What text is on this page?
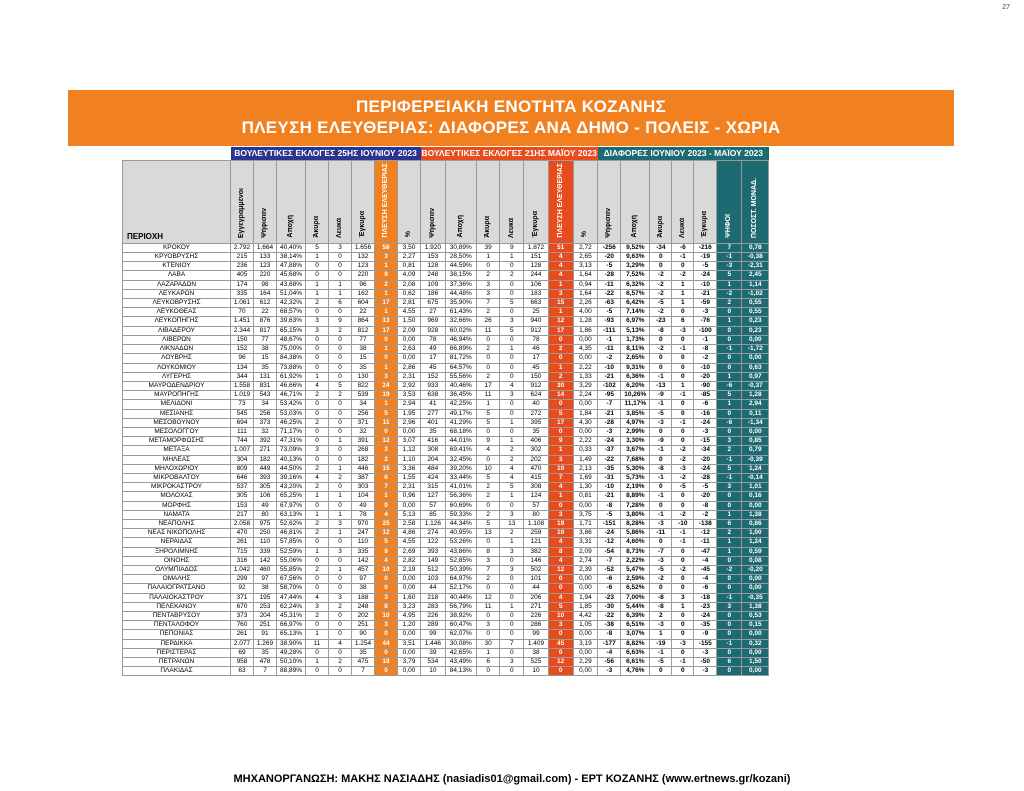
27
ΠΕΡΙΦΕΡΕΙΑΚΗ ΕΝΟΤΗΤΑ ΚΟΖΑΝΗΣ
ΠΛΕΥΣΗ ΕΛΕΥΘΕΡΙΑΣ: ΔΙΑΦΟΡΕΣ ΑΝΑ ΔΗΜΟ - ΠΟΛΕΙΣ - ΧΩΡΙΑ
	ΒΟΥΛΕΥΤΙΚΕΣ ΕΚΛΟΓΕΣ 25ΗΣ ΙΟΥΝΙΟΥ 2023								ΒΟΥΛΕΥΤΙΚΕΣ ΕΚΛΟΓΕΣ 21ΗΣ ΜΑΪΟΥ 2023							ΔΙΑΦΟΡΕΣ ΙΟΥΝΙΟΥ 2023 - ΜΑΪΟΥ 2023						
ΠΕΡΙΟΧΗ	Εγγεγραμμένοι	Ψήφισαν	Αποχή	Άκυρα	Λευκά	Έγκυρα	ΠΛΕΥΣΗ ΕΛΕΥΘΕΡΙΑΣ	%	Ψήφισαν	Αποχή	Άκυρα	Λευκά	Έγκυρα	ΠΛΕΥΣΗ ΕΛΕΥΘΕΡΙΑΣ	%	Ψήφισαν	Αποχή	Άκυρα	Λευκά	Έγκυρα	ΨΗΦΟΙ	ΠΟΣΟΣΤ. ΜΟΝΑΔ.
ΚΡΟΚΟΥ	2.792	1.664	40,40%	5	3	1.656	58	3,50	1.920	30,89%	39	9	1.872	51	2,72	-256	9,52%	-34	-6	-216	7	0,78
ΚΡΥΟΒΡΥΣΗΣ	215	133	38,14%	1	0	132	3	2,27	153	28,50%	1	1	151	4	2,65	-20	9,63%	0	-1	-19	-1	-0,38
ΚΤΕΝΙΟΥ	236	123	47,88%	0	0	123	1	0,81	128	44,59%	0	0	128	4	3,13	-5	3,29%	0	0	-5	-3	-2,31
ΛΑΒΑ	405	220	45,68%	0	0	220	9	4,09	248	38,15%	2	2	244	4	1,64	-28	7,52%	-2	-2	-24	5	2,45
ΛΑΖΑΡΑΔΩΝ	174	98	43,68%	1	1	96	2	2,08	109	37,36%	3	0	106	1	0,94	-11	6,32%	-2	1	-10	1	1,14
ΛΕΥΚΑΡΩΝ	335	164	51,04%	1	1	162	1	0,62	186	44,48%	3	0	183	3	1,64	-22	6,57%	-2	1	-21	-2	-1,02
ΛΕΥΚΟΒΡΥΣΗΣ	1.061	612	42,32%	2	6	604	17	2,81	675	35,90%	7	5	663	15	2,26	-63	6,42%	-5	1	-59	2	0,55
ΛΕΥΚΟΘΕΑΣ	70	22	68,57%	0	0	22	1	4,55	27	61,43%	2	0	25	1	4,00	-5	7,14%	-2	0	-3	0	0,55
ΛΕΥΚΟΠΗΓΗΣ	1.451	876	39,63%	3	9	864	13	1,50	969	32,66%	26	3	940	12	1,28	-93	6,97%	-23	6	-76	1	0,23
ΛΙΒΑΔΕΡΟΥ	2.344	817	65,15%	3	2	812	17	2,09	928	60,02%	11	5	912	17	1,86	-111	5,13%	-8	-3	-100	0	0,23
ΛΙΒΕΡΩΝ	150	77	48,67%	0	0	77	0	0,00	78	46,94%	0	0	78	0	0,00	-1	1,73%	0	0	-1	0	0,00
ΛΙΚΝΑΔΩΝ	152	38	75,00%	0	0	38	1	2,63	49	66,89%	2	1	46	2	4,35	-11	8,11%	-2	-1	-8	-1	-1,72
ΛΟΥΒΡΗΣ	96	15	84,38%	0	0	15	0	0,00	17	81,72%	0	0	17	0	0,00	-2	2,65%	0	0	-2	0	0,00
ΛΟΥΚΟΜΙΟΥ	134	35	73,88%	0	0	35	1	2,86	45	64,57%	0	0	45	1	2,22	-10	9,31%	0	0	-10	0	0,63
ΛΥΓΕΡΗΣ	344	131	61,92%	1	0	130	3	2,31	152	55,56%	2	0	150	2	1,33	-21	6,36%	-1	0	-20	1	0,97
ΜΑΥΡΟΔΕΝΔΡΙΟΥ	1.558	831	46,66%	4	5	822	24	2,92	933	40,46%	17	4	912	30	3,29	-102	6,20%	-13	1	-90	-6	-0,37
ΜΑΥΡΟΠΗΓΗΣ	1.019	543	46,71%	2	2	539	19	3,53	638	36,45%	11	3	624	14	2,24	-95	10,26%	-9	-1	-85	5	1,28
ΜΕΛΙΔΟΝΙ	73	34	53,42%	0	0	34	1	2,94	41	42,25%	1	0	40	0	0,00	-7	11,17%	-1	0	-6	1	2,94
ΜΕΣΙΑΝΗΣ	545	256	53,03%	0	0	256	5	1,95	277	49,17%	5	0	272	5	1,84	-21	3,85%	-5	0	-16	0	0,11
ΜΕΣΟΒΟΥΝΟΥ	694	373	46,25%	2	0	371	11	2,96	401	41,29%	5	1	395	17	4,30	-28	4,97%	-3	-1	-24	-6	-1,34
ΜΕΣΟΛΟΓΓΟΥ	111	32	71,17%	0	0	32	0	0,00	35	68,18%	0	0	35	0	0,00	-3	2,99%	0	0	-3	0	0,00
ΜΕΤΑΜΟΡΦΩΣΗΣ	744	392	47,31%	0	1	391	12	3,07	416	44,01%	9	1	406	9	2,22	-24	3,30%	-9	0	-15	3	0,85
ΜΕΤΑΞΑ	1.007	271	73,09%	3	0	268	3	1,12	308	69,41%	4	2	302	1	0,33	-37	3,67%	-1	-2	-34	2	0,79
ΜΗΛΕΑΣ	304	182	40,13%	0	0	182	2	1,10	204	32,45%	0	2	202	3	1,49	-22	7,68%	0	-2	-20	-1	-0,39
ΜΗΛΟΧΩΡΙΟΥ	809	449	44,50%	2	1	446	15	3,36	484	39,20%	10	4	470	10	2,13	-35	5,30%	-8	-3	-24	5	1,24
ΜΙΚΡΟΒΑΛΤΟΥ	646	393	39,16%	4	2	387	6	1,55	424	33,44%	5	4	415	7	1,69	-31	5,73%	-1	-2	-28	-1	-0,14
ΜΙΚΡΟΚΑΣΤΡΟΥ	537	305	43,20%	2	0	303	7	2,31	315	41,01%	2	5	308	4	1,30	-10	2,19%	0	-5	-5	3	1,01
ΜΟΛΟΧΑΣ	305	106	65,25%	1	1	104	1	0,96	127	56,36%	2	1	124	1	0,81	-21	8,89%	-1	0	-20	0	0,16
ΜΟΡΦΗΣ	153	49	67,97%	0	0	49	0	0,00	57	60,69%	0	0	57	0	0,00	-8	7,28%	0	0	-8	0	0,00
ΝΑΜΑΤΑ	217	80	63,13%	1	1	78	4	5,13	85	59,33%	2	3	80	3	3,75	-5	3,80%	-1	-2	-2	1	1,38
ΝΕΑΠΟΛΗΣ	2.058	975	52,62%	2	3	970	25	2,58	1.126	44,34%	5	13	1.108	19	1,71	-151	8,28%	-3	-10	-138	6	0,86
ΝΕΑΣ ΝΙΚΟΠΟΛΗΣ	470	250	46,81%	2	1	247	12	4,86	274	40,95%	13	2	259	10	3,86	-24	5,86%	-11	-1	-12	2	1,00
ΝΕΡΑΙΔΑΣ	261	110	57,85%	0	0	110	5	4,55	122	53,26%	0	1	121	4	3,31	-12	4,60%	0	-1	-11	1	1,24
ΞΗΡΟΛΙΜΝΗΣ	715	339	52,59%	1	3	335	9	2,69	393	43,86%	8	3	382	8	2,09	-54	8,73%	-7	0	-47	1	0,59
ΟΙΝΟΗΣ	316	142	55,06%	0	0	142	4	2,82	149	52,85%	3	0	146	4	2,74	-7	2,22%	-3	0	-4	0	0,08
ΟΛΥΜΠΙΑΔΟΣ	1.042	460	55,85%	2	1	457	10	2,19	512	50,39%	7	3	502	12	2,39	-52	5,47%	-5	-2	-45	-2	-0,20
ΟΜΑΛΗΣ	299	97	67,56%	0	0	97	0	0,00	103	64,97%	2	0	101	0	0,00	-6	2,59%	-2	0	-4	0	0,00
ΠΑΛΑΙΟΓΡΑΤΣΑΝΟ	92	38	58,70%	0	0	38	0	0,00	44	52,17%	0	0	44	0	0,00	-6	6,52%	0	0	-6	0	0,00
ΠΑΛΑΙΟΚΑΣΤΡΟΥ	371	195	47,44%	4	3	188	3	1,60	218	40,44%	12	0	206	4	1,94	-23	7,00%	-8	3	-18	-1	-0,35
ΠΕΛΕΚΑΝΟΥ	670	253	62,24%	3	2	248	8	3,23	283	56,79%	11	1	271	5	1,85	-30	5,44%	-8	1	-23	3	1,38
ΠΕΝΤΑΒΡΥΣΟΥ	373	204	45,31%	2	0	202	10	4,95	226	38,92%	0	0	226	10	4,42	-22	6,39%	2	0	-24	0	0,53
ΠΕΝΤΑΛΟΦΟΥ	760	251	66,97%	0	0	251	3	1,20	289	60,47%	3	0	286	3	1,05	-38	6,51%	-3	0	-35	0	0,15
ΠΕΠΟΝΙΑΣ	261	91	65,13%	1	0	90	0	0,00	99	62,07%	0	0	99	0	0,00	-8	3,07%	1	0	-9	0	0,00
ΠΕΡΔΙΚΚΑ	2.077	1.269	38,90%	11	4	1.254	44	3,51	1.446	30,08%	30	7	1.409	45	3,19	-177	8,82%	-19	-3	-155	-1	0,32
ΠΕΡΙΣΤΕΡΑΣ	69	35	49,28%	0	0	35	0	0,00	39	42,65%	1	0	38	0	0,00	-4	6,63%	-1	0	-3	0	0,00
ΠΕΤΡΑΝΩΝ	958	478	50,10%	1	2	475	18	3,79	534	43,49%	6	3	525	12	2,29	-56	6,61%	-5	-1	-50	6	1,50
ΠΛΑΚΙΔΑΣ	63	7	88,89%	0	0	7	0	0,00	10	84,13%	0	0	10	0	0,00	-3	4,76%	0	0	-3	0	0,00
ΜΗΧΑΝΟΡΓΑΝΩΣΗ: ΜΑΚΗΣ ΝΑΣΙΑΔΗΣ (nasiadis01@gmail.com) - ΕΡΤ ΚΟΖΑΝΗΣ (www.ertnews.gr/kozani)
